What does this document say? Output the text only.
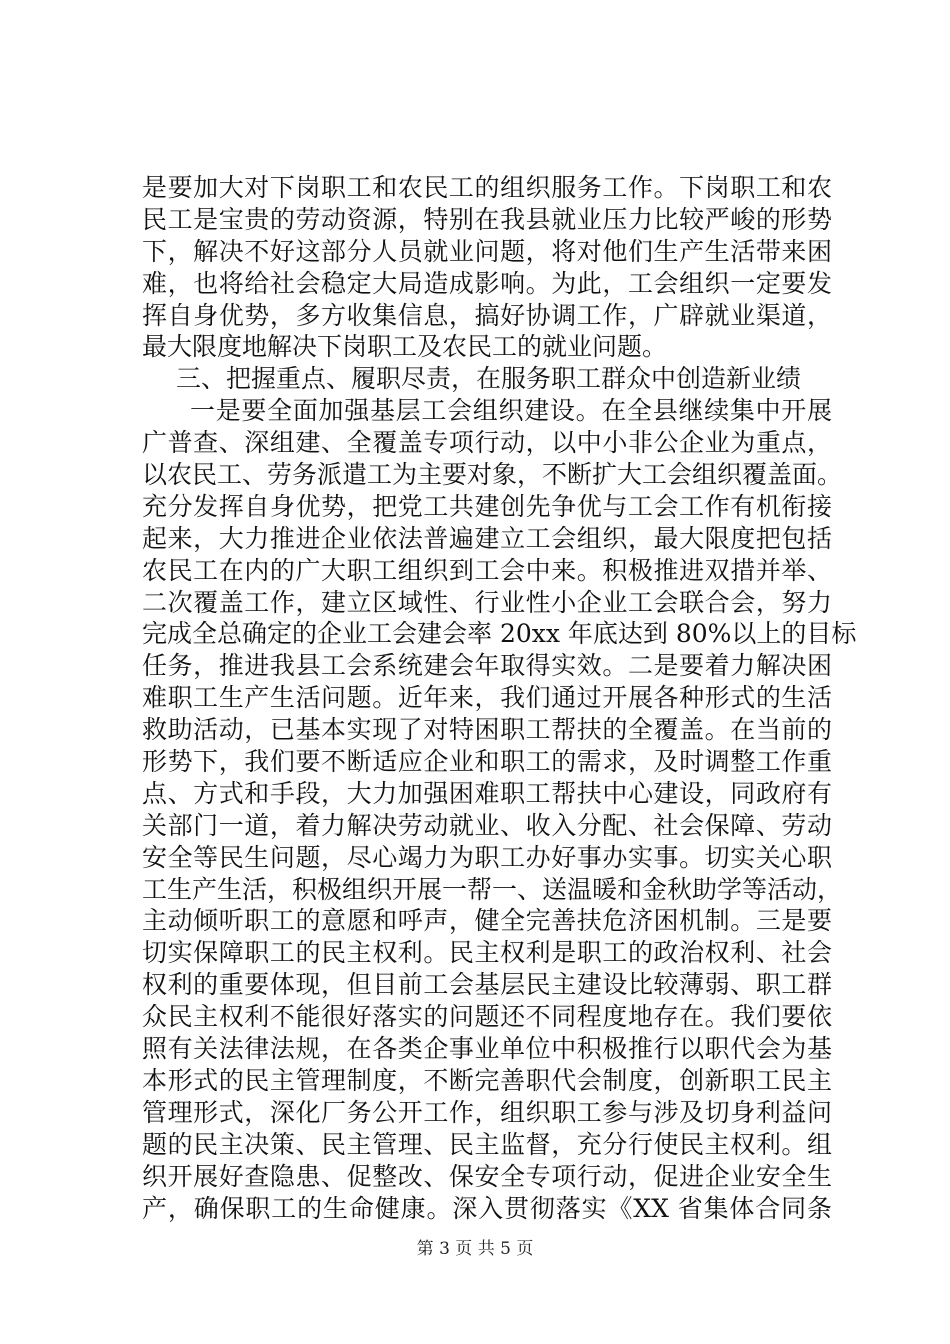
是要加大对下岗职工和农民工的组织服务工作。下岗职工和农
民工是宝贵的劳动资源，特别在我县就业压力比较严峻的形势
下，解决不好这部分人员就业问题，将对他们生产生活带来困
难，也将给社会稳定大局造成影响。为此，工会组织一定要发
挥自身优势，多方收集信息，搞好协调工作，广辟就业渠道，
最大限度地解决下岗职工及农民工的就业问题。
三、把握重点、履职尽责，在服务职工群众中创造新业绩
一是要全面加强基层工会组织建设。在全县继续集中开展
广普查、深组建、全覆盖专项行动，以中小非公企业为重点，
以农民工、劳务派遣工为主要对象，不断扩大工会组织覆盖面。
充分发挥自身优势，把党工共建创先争优与工会工作有机衔接
起来，大力推进企业依法普遍建立工会组织，最大限度把包括
农民工在内的广大职工组织到工会中来。积极推进双措并举、
二次覆盖工作，建立区域性、行业性小企业工会联合会，努力
完成全总确定的企业工会建会率 20xx 年底达到 80%以上的目标
任务，推进我县工会系统建会年取得实效。二是要着力解决困
难职工生产生活问题。近年来，我们通过开展各种形式的生活
救助活动，已基本实现了对特困职工帮扶的全覆盖。在当前的
形势下，我们要不断适应企业和职工的需求，及时调整工作重
点、方式和手段，大力加强困难职工帮扶中心建设，同政府有
关部门一道，着力解决劳动就业、收入分配、社会保障、劳动
安全等民生问题，尽心竭力为职工办好事办实事。切实关心职
工生产生活，积极组织开展一帮一、送温暖和金秋助学等活动，
主动倾听职工的意愿和呼声，健全完善扶危济困机制。三是要
切实保障职工的民主权利。民主权利是职工的政治权利、社会
权利的重要体现，但目前工会基层民主建设比较薄弱、职工群
众民主权利不能很好落实的问题还不同程度地存在。我们要依
照有关法律法规，在各类企事业单位中积极推行以职代会为基
本形式的民主管理制度，不断完善职代会制度，创新职工民主
管理形式，深化厂务公开工作，组织职工参与涉及切身利益问
题的民主决策、民主管理、民主监督，充分行使民主权利。组
织开展好查隐患、促整改、保安全专项行动，促进企业安全生
产，确保职工的生命健康。深入贯彻落实《XX 省集体合同条
第 3 页 共 5 页
